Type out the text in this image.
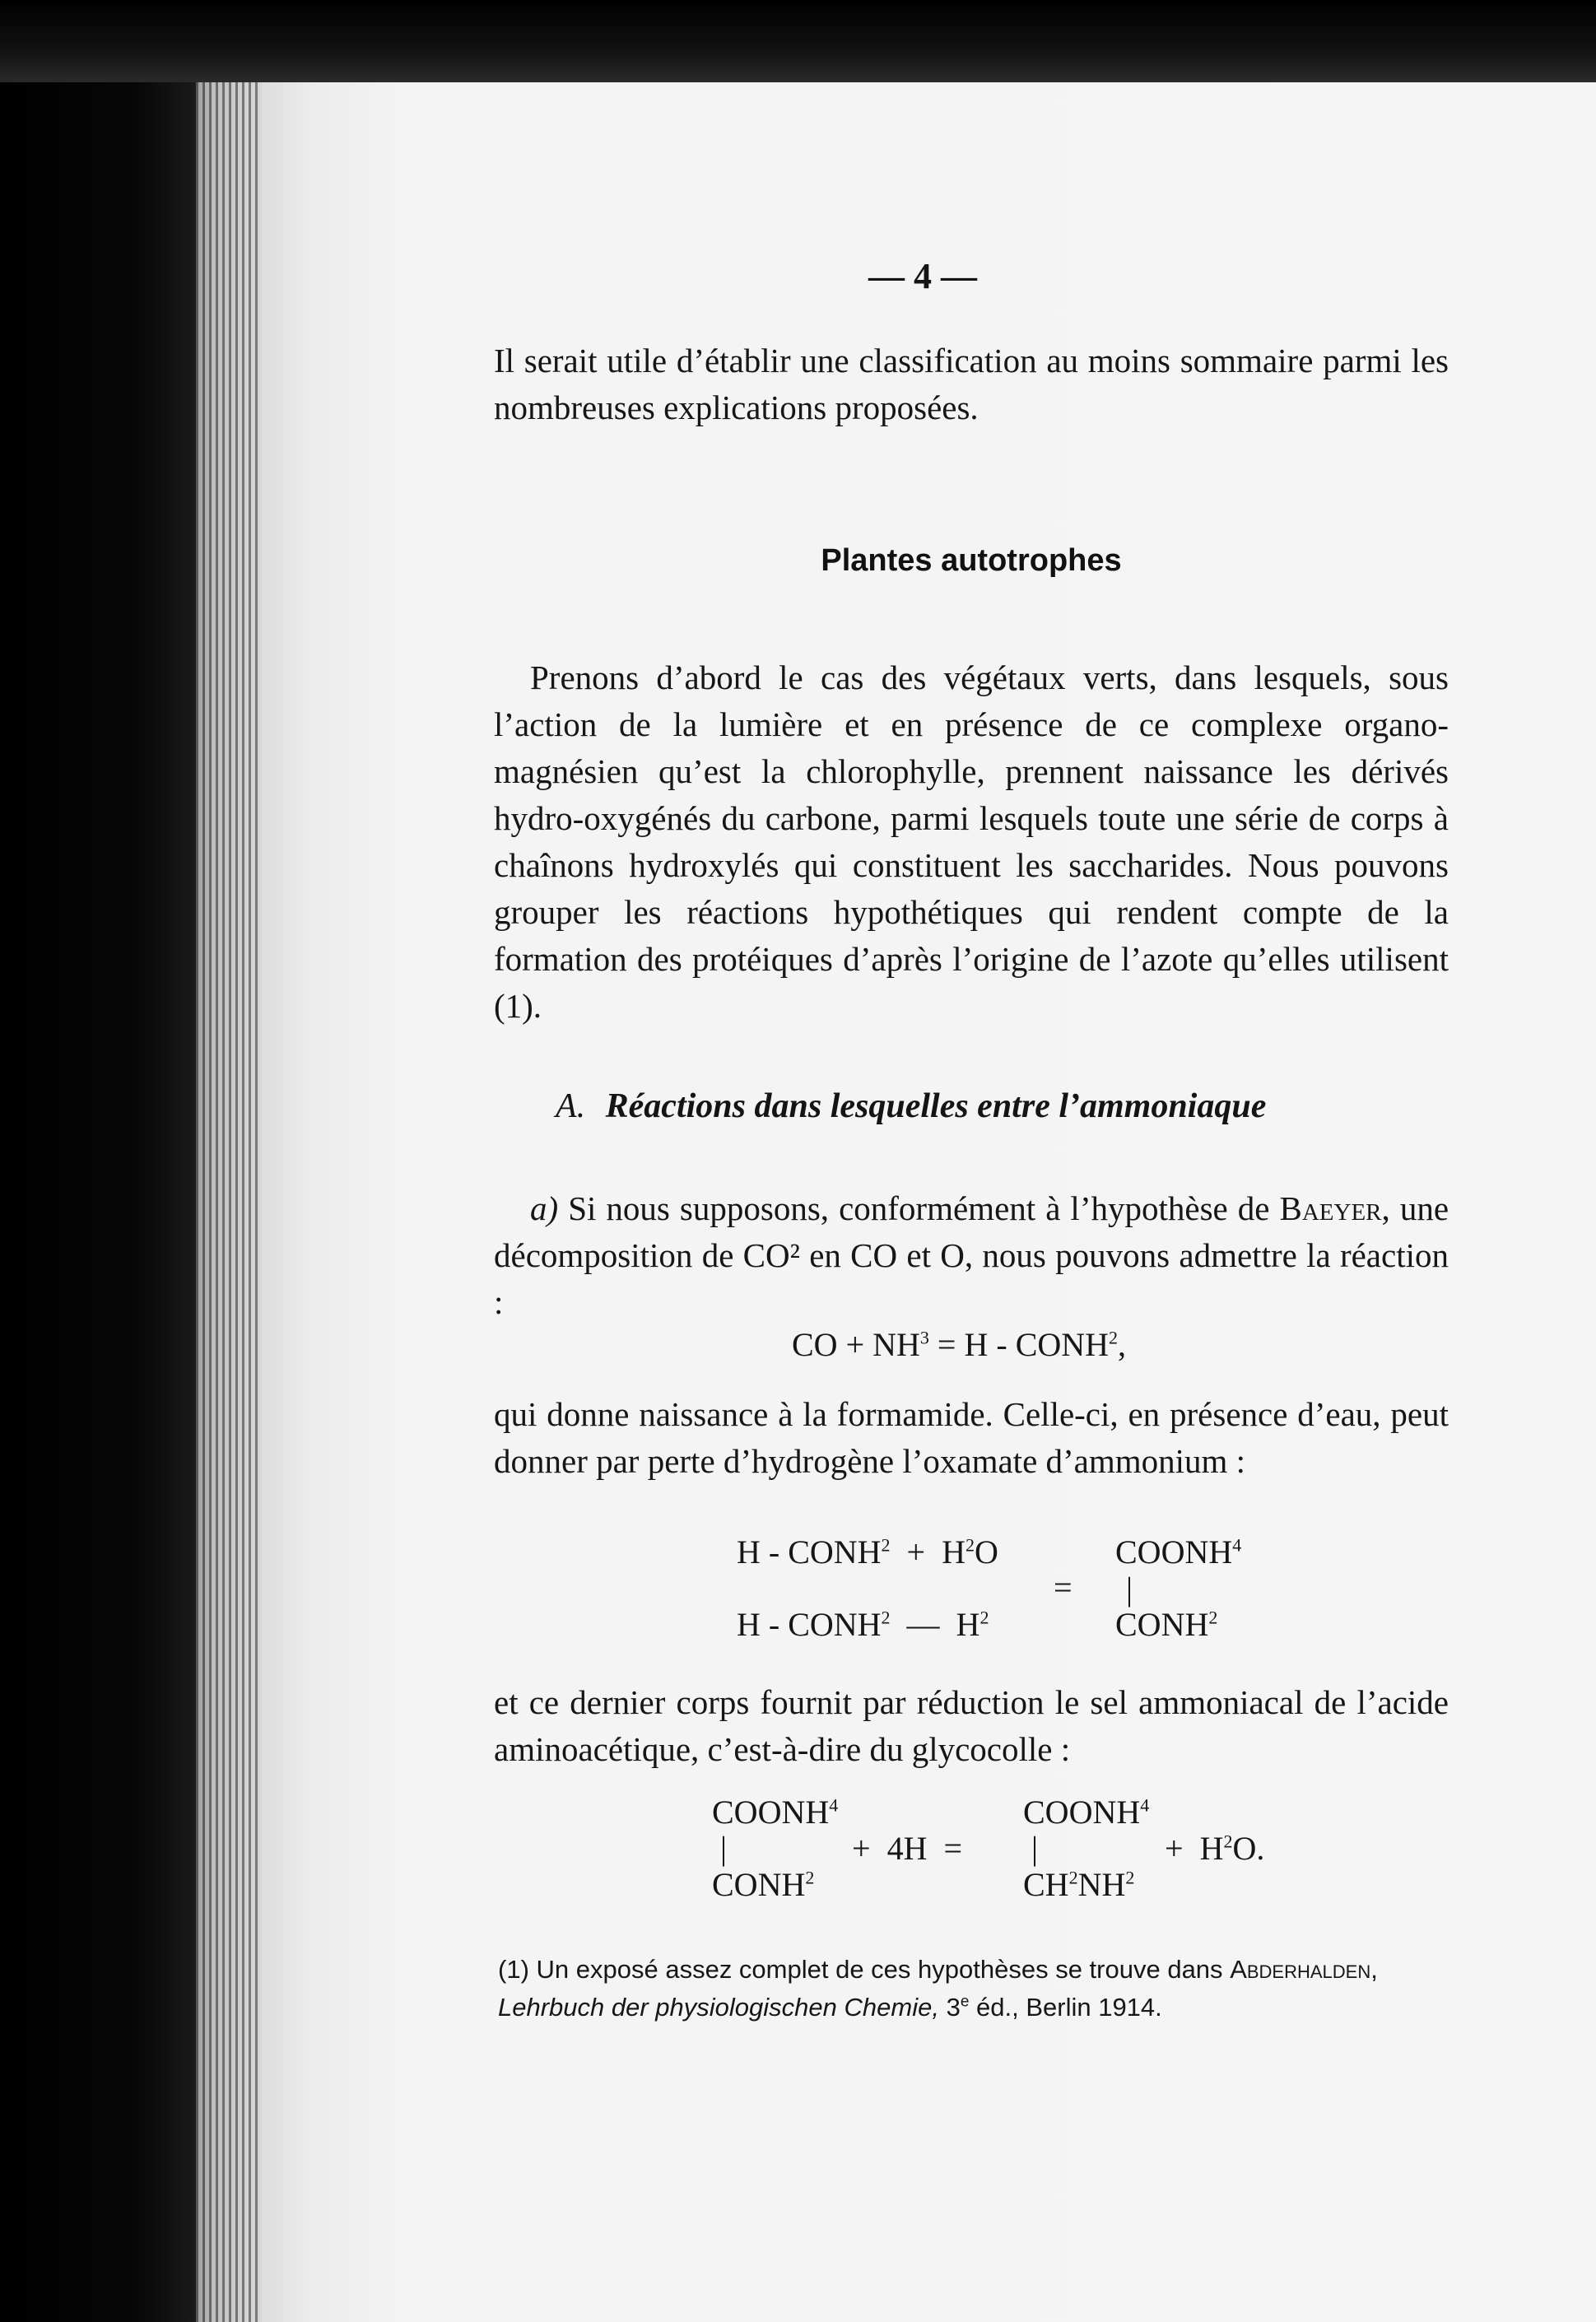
— 4 —

Il serait utile d’établir une classification au moins sommaire parmi les nombreuses explications proposées.

Plantes autotrophes

Prenons d’abord le cas des végétaux verts, dans lesquels, sous l’action de la lumière et en présence de ce complexe organo-magnésien qu’est la chlorophylle, prennent naissance les dérivés hydro-oxygénés du carbone, parmi lesquels toute une série de corps à chaînons hydroxylés qui constituent les saccharides. Nous pouvons grouper les réactions hypothétiques qui rendent compte de la formation des protéiques d’après l’origine de l’azote qu’elles utilisent (1).

A. Réactions dans lesquelles entre l’ammoniaque

a) Si nous supposons, conformément à l’hypothèse de Baeyer, une décomposition de CO² en CO et O, nous pouvons admettre la réaction :

CO + $NH^3 = H$ - CONH$^2$,

qui donne naissance à la formamide. Celle-ci, en présence d’eau, peut donner par perte d’hydrogène l’oxamate d’ammonium :

$H - CONH^2 + H^2O$
H - CONH$^2$ — $H^2$
=
$COONH^4$
|
CONH$^2$

et ce dernier corps fournit par réduction le sel ammoniacal de l’acide aminoacétique, c’est-à-dire du glycocolle :

COONH$^4$
|
$CONH^2$
+ 4H =
$COONH^4$
|
$CH^2NH^2$
+ $H^2O$.
(1) Un exposé assez complet de ces hypothèses se trouve dans Abderhalden,
Lehrbuch der physiologischen Chemie, 3e éd., Berlin 1914.
